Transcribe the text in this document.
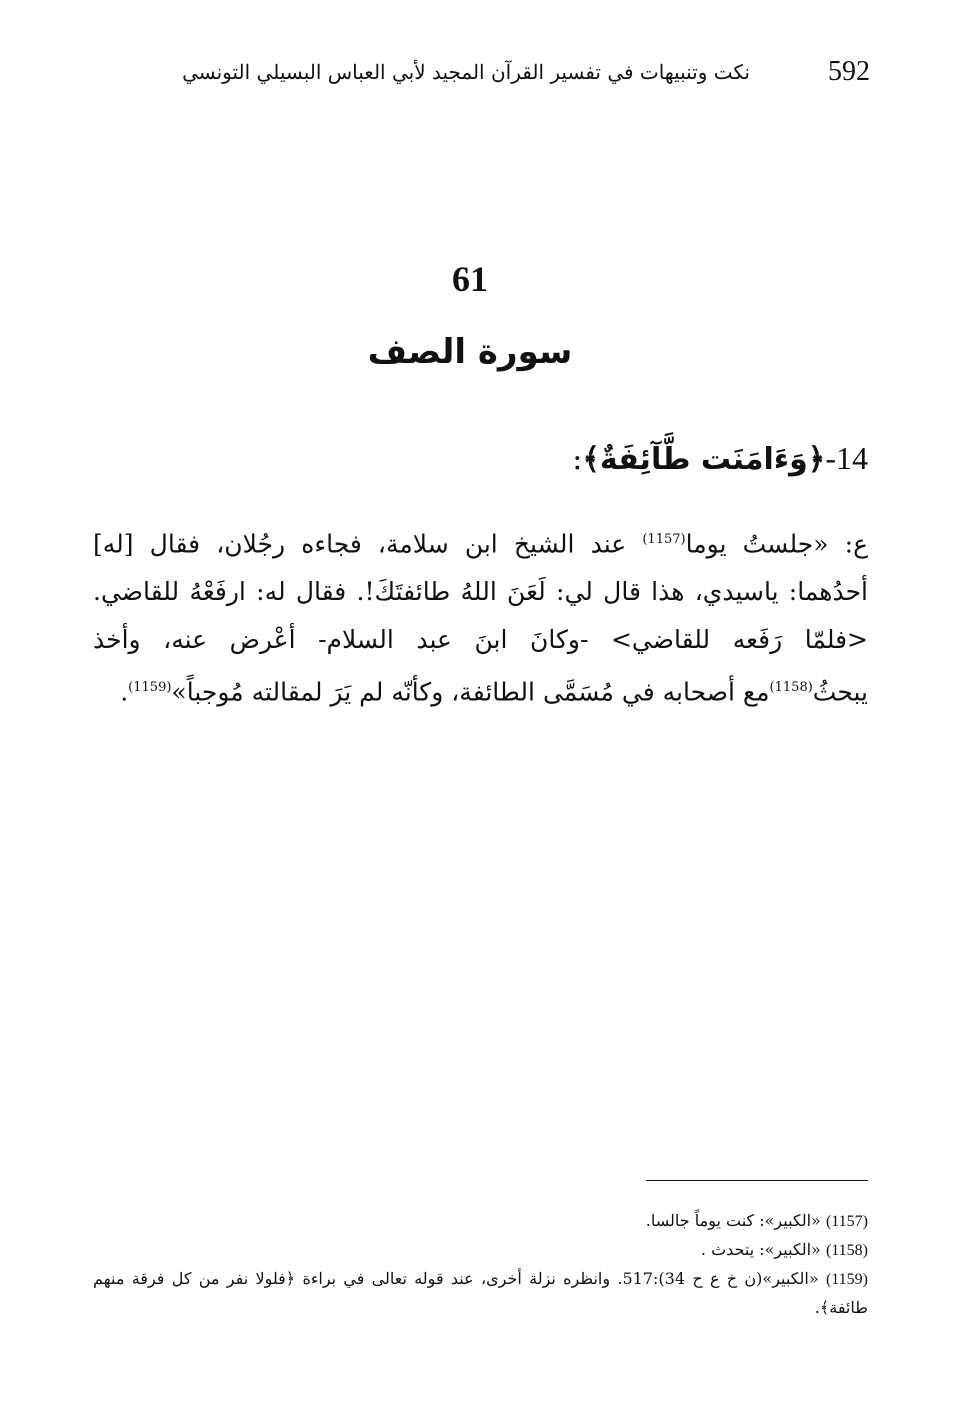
592
نكت وتنبيهات في تفسير القرآن المجيد لأبي العباس البسيلي التونسي
61
سورة الصف
14-﴿وَءَامَنَت طَّآئِفَةٌ﴾:
ع: «جلستُ يوما$^{(1157)}$ عند الشيخ ابن سلامة، فجاءه رجُلان، فقال [له] أحدُهما: ياسيدي، هذا قال لي: لَعَنَ اللهُ طائفتَكَ!. فقال له: ارفَعْهُ للقاضي. <فلمّا رَفَعه للقاضي> -وكانَ ابنَ عبد السلام- أعْرض عنه، وأخذ يبحثُ$^{(1158)}$مع أصحابه في مُسَمَّى الطائفة، وكأنّه لم يَرَ لمقالته مُوجباً»$^{(1159)}$.

(1157) «الكبير»: كنت يوماً جالسا.

(1158) «الكبير»: يتحدث .

(1159) «الكبير»(ن خ ع ح 34):517. وانظره نزلة أخرى، عند قوله تعالى في براءة ﴿فلولا نفر من كل فرقة منهم طائفة﴾.
